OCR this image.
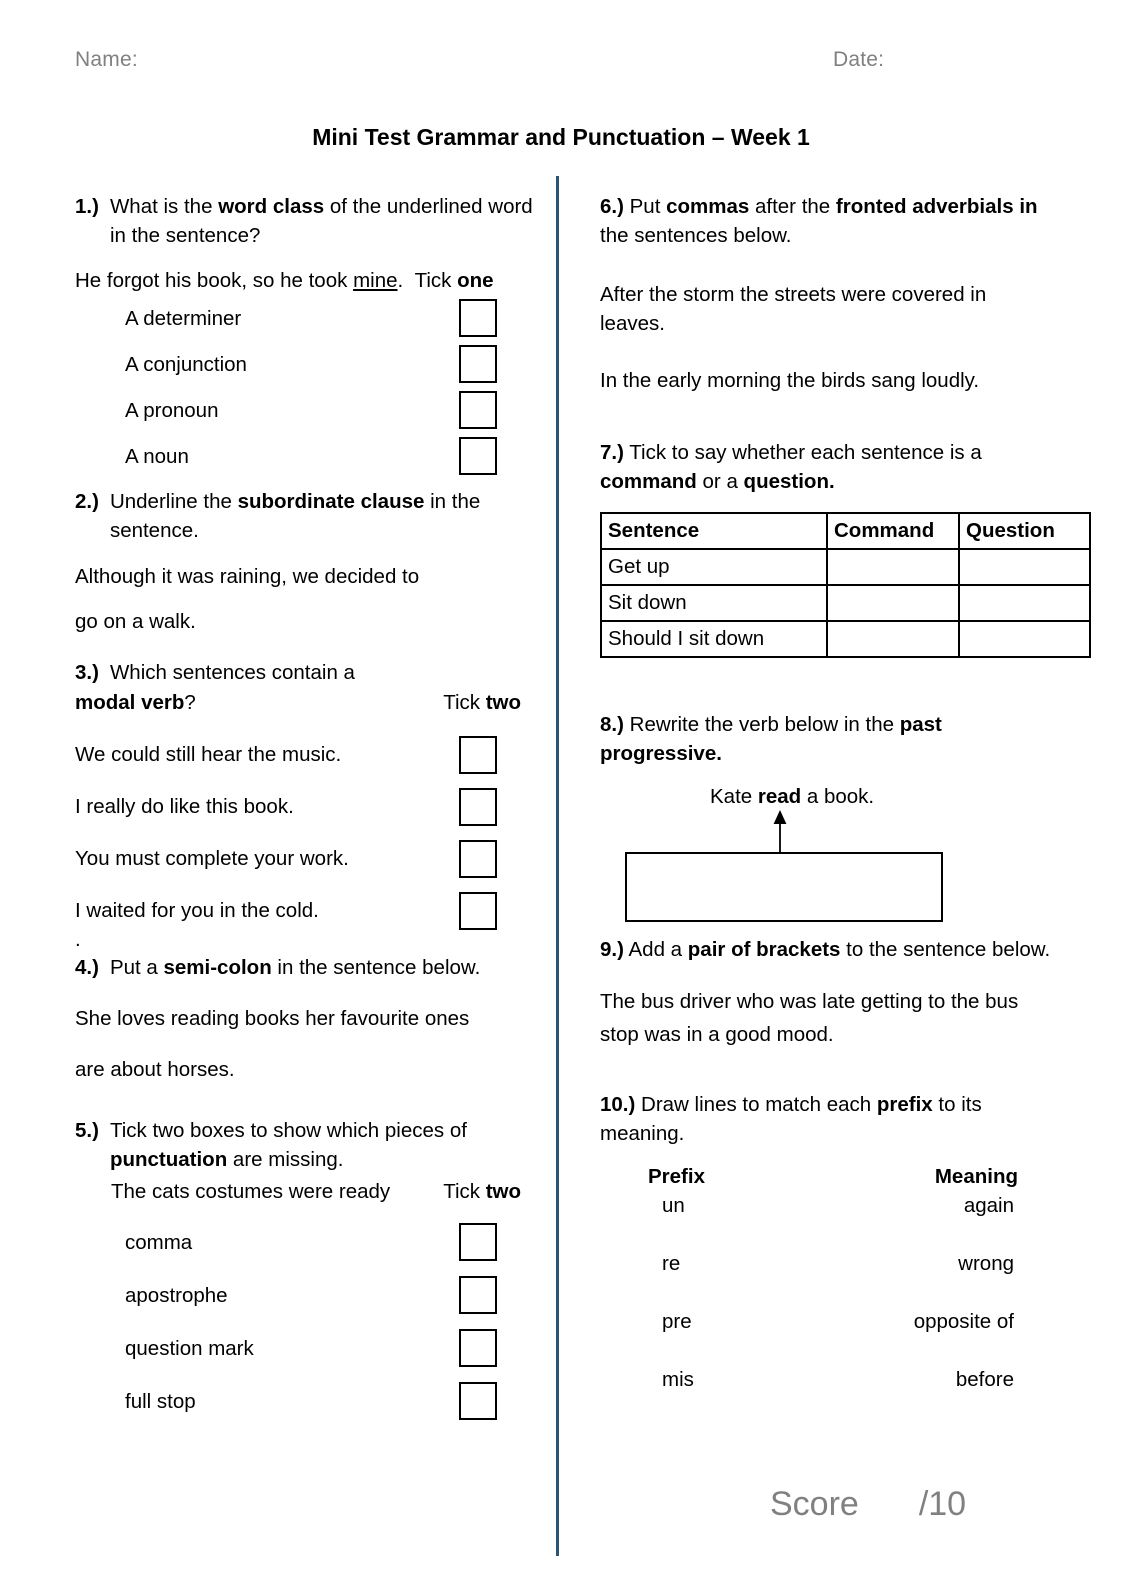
Name:	Date:
Mini Test Grammar and Punctuation – Week 1
1.) What is the word class of the underlined word in the sentence?
He forgot his book, so he took mine. Tick one
A determiner
A conjunction
A pronoun
A noun
2.) Underline the subordinate clause in the sentence.
Although it was raining, we decided to
go on a walk.
3.) Which sentences contain a
modal verb?	Tick two
We could still hear the music.
I really do like this book.
You must complete your work.
I waited for you in the cold.
.
4.) Put a semi-colon in the sentence below.
She loves reading books her favourite ones
are about horses.
5.) Tick two boxes to show which pieces of punctuation are missing.
The cats costumes were ready	Tick two
comma
apostrophe
question mark
full stop
6.) Put commas after the fronted adverbials in the sentences below.
After the storm the streets were covered in leaves.
In the early morning the birds sang loudly.
7.) Tick to say whether each sentence is a command or a question.
Sentence	Command	Question
Get up		
Sit down		
Should I sit down		
8.) Rewrite the verb below in the past progressive.
Kate read a book.
9.) Add a pair of brackets to the sentence below.
The bus driver who was late getting to the bus stop was in a good mood.
10.) Draw lines to match each prefix to its meaning.
Prefix	Meaning
un	again
re	wrong
pre	opposite of
mis	before
Score /10
